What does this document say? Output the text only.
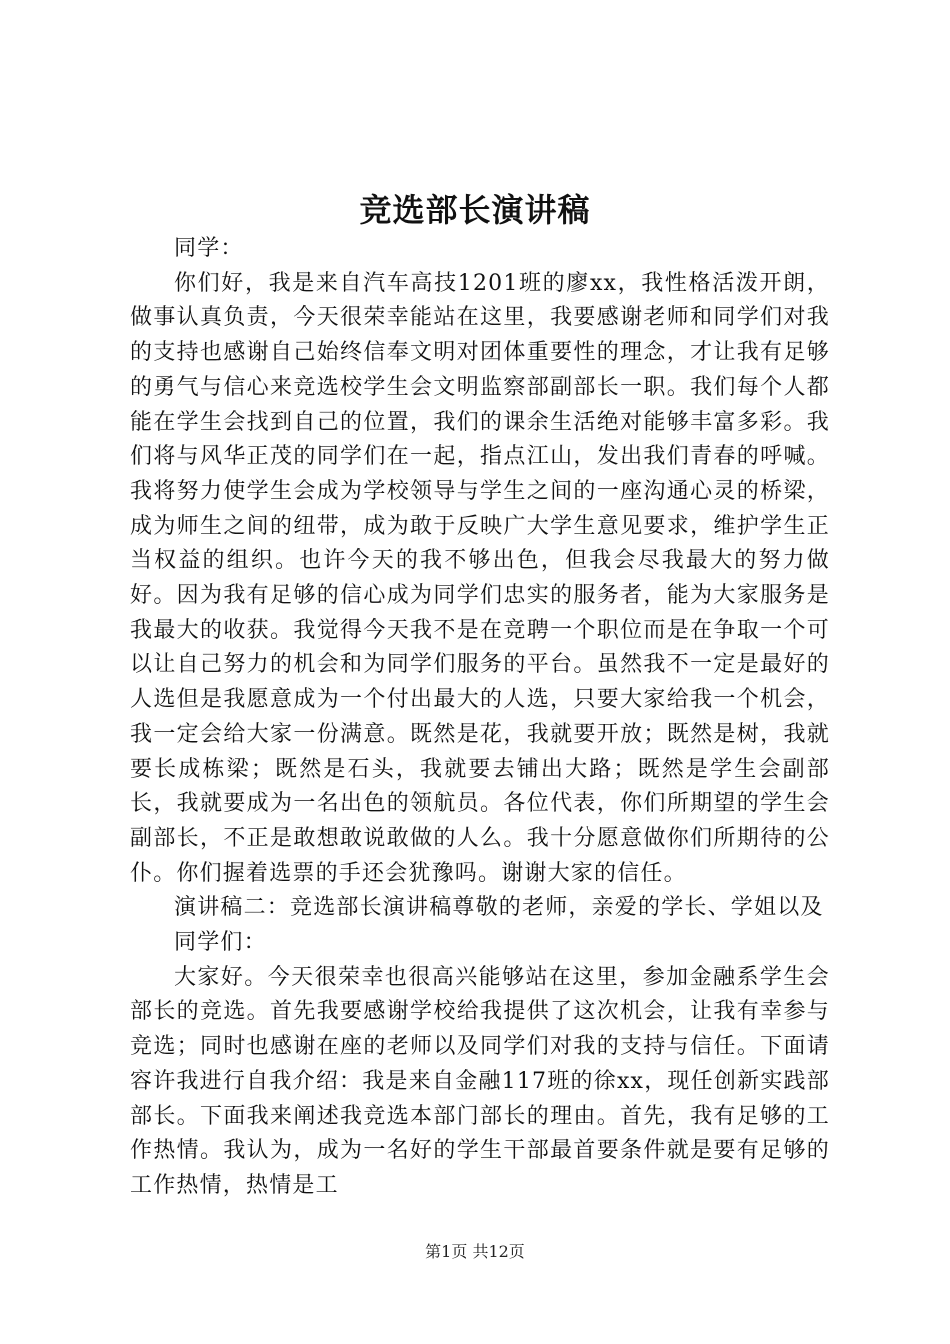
竞选部长演讲稿

同学：

你们好，我是来自汽车高技1201班的廖xx，我性格活泼开朗，做事认真负责，今天很荣幸能站在这里，我要感谢老师和同学们对我的支持也感谢自己始终信奉文明对团体重要性的理念，才让我有足够的勇气与信心来竞选校学生会文明监察部副部长一职。我们每个人都能在学生会找到自己的位置，我们的课余生活绝对能够丰富多彩。我们将与风华正茂的同学们在一起，指点江山，发出我们青春的呼喊。我将努力使学生会成为学校领导与学生之间的一座沟通心灵的桥梁，成为师生之间的纽带，成为敢于反映广大学生意见要求，维护学生正当权益的组织。也许今天的我不够出色，但我会尽我最大的努力做好。因为我有足够的信心成为同学们忠实的服务者，能为大家服务是我最大的收获。我觉得今天我不是在竞聘一个职位而是在争取一个可以让自己努力的机会和为同学们服务的平台。虽然我不一定是最好的人选但是我愿意成为一个付出最大的人选，只要大家给我一个机会，我一定会给大家一份满意。既然是花，我就要开放；既然是树，我就要长成栋梁；既然是石头，我就要去铺出大路；既然是学生会副部长，我就要成为一名出色的领航员。各位代表，你们所期望的学生会副部长，不正是敢想敢说敢做的人么。我十分愿意做你们所期待的公仆。你们握着选票的手还会犹豫吗。谢谢大家的信任。

演讲稿二：竞选部长演讲稿尊敬的老师，亲爱的学长、学姐以及

同学们：

大家好。今天很荣幸也很高兴能够站在这里，参加金融系学生会部长的竞选。首先我要感谢学校给我提供了这次机会，让我有幸参与竞选；同时也感谢在座的老师以及同学们对我的支持与信任。下面请容许我进行自我介绍：我是来自金融117班的徐xx，现任创新实践部部长。下面我来阐述我竞选本部门部长的理由。首先，我有足够的工作热情。我认为，成为一名好的学生干部最首要条件就是要有足够的工作热情，热情是工

第1页 共12页
